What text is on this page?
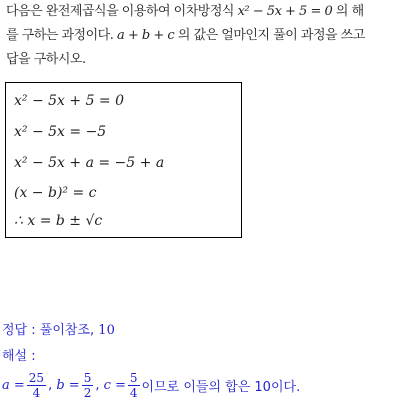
다음은 완전제곱식을 이용하여 이차방정식 x² − 5x + 5 = 0 의 해
를 구하는 과정이다. a + b + c 의 값은 얼마인지 풀이 과정을 쓰고
답을 구하시오.
x² − 5x + 5 = 0
x² − 5x = −5
x² − 5x + a = −5 + a
(x − b)² = c
∴ x = b ± √c
정답 : 풀이참조, 10
해설 :
$a = \frac{25}{4}$ , $b = \frac{5}{2}$ , $c = \frac{5}{4}$ 이므로 이들의 합은 10이다.
